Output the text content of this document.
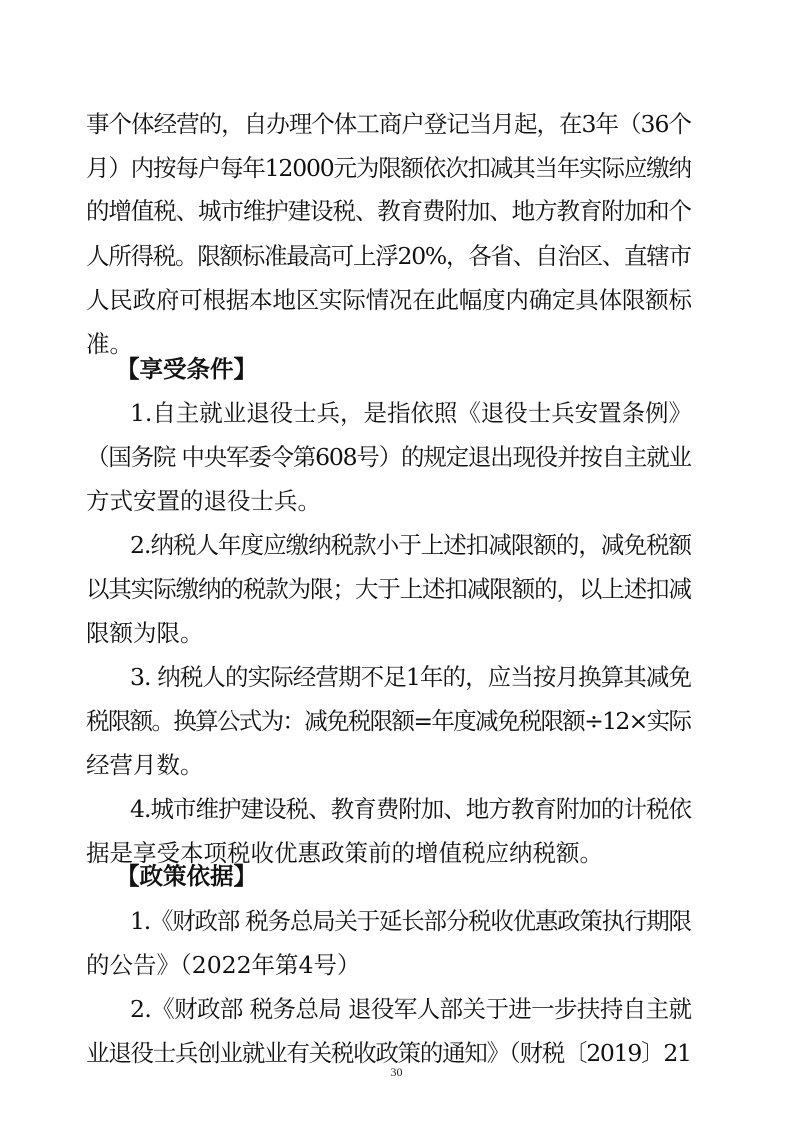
事个体经营的，自办理个体工商户登记当月起，在3年（36个
月）内按每户每年12000元为限额依次扣减其当年实际应缴纳
的增值税、城市维护建设税、教育费附加、地方教育附加和个
人所得税。限额标准最高可上浮20%，各省、自治区、直辖市
人民政府可根据本地区实际情况在此幅度内确定具体限额标
准。
【享受条件】
1.自主就业退役士兵，是指依照《退役士兵安置条例》
（国务院 中央军委令第608号）的规定退出现役并按自主就业
方式安置的退役士兵。
2.纳税人年度应缴纳税款小于上述扣减限额的，减免税额
以其实际缴纳的税款为限；大于上述扣减限额的，以上述扣减
限额为限。
3. 纳税人的实际经营期不足1年的，应当按月换算其减免
税限额。换算公式为：减免税限额=年度减免税限额÷12×实际
经营月数。
4.城市维护建设税、教育费附加、地方教育附加的计税依
据是享受本项税收优惠政策前的增值税应纳税额。
【政策依据】
1.《财政部 税务总局关于延长部分税收优惠政策执行期限
的公告》（2022年第4号）
2.《财政部 税务总局 退役军人部关于进一步扶持自主就
业退役士兵创业就业有关税收政策的通知》（财税〔2019〕21
30
